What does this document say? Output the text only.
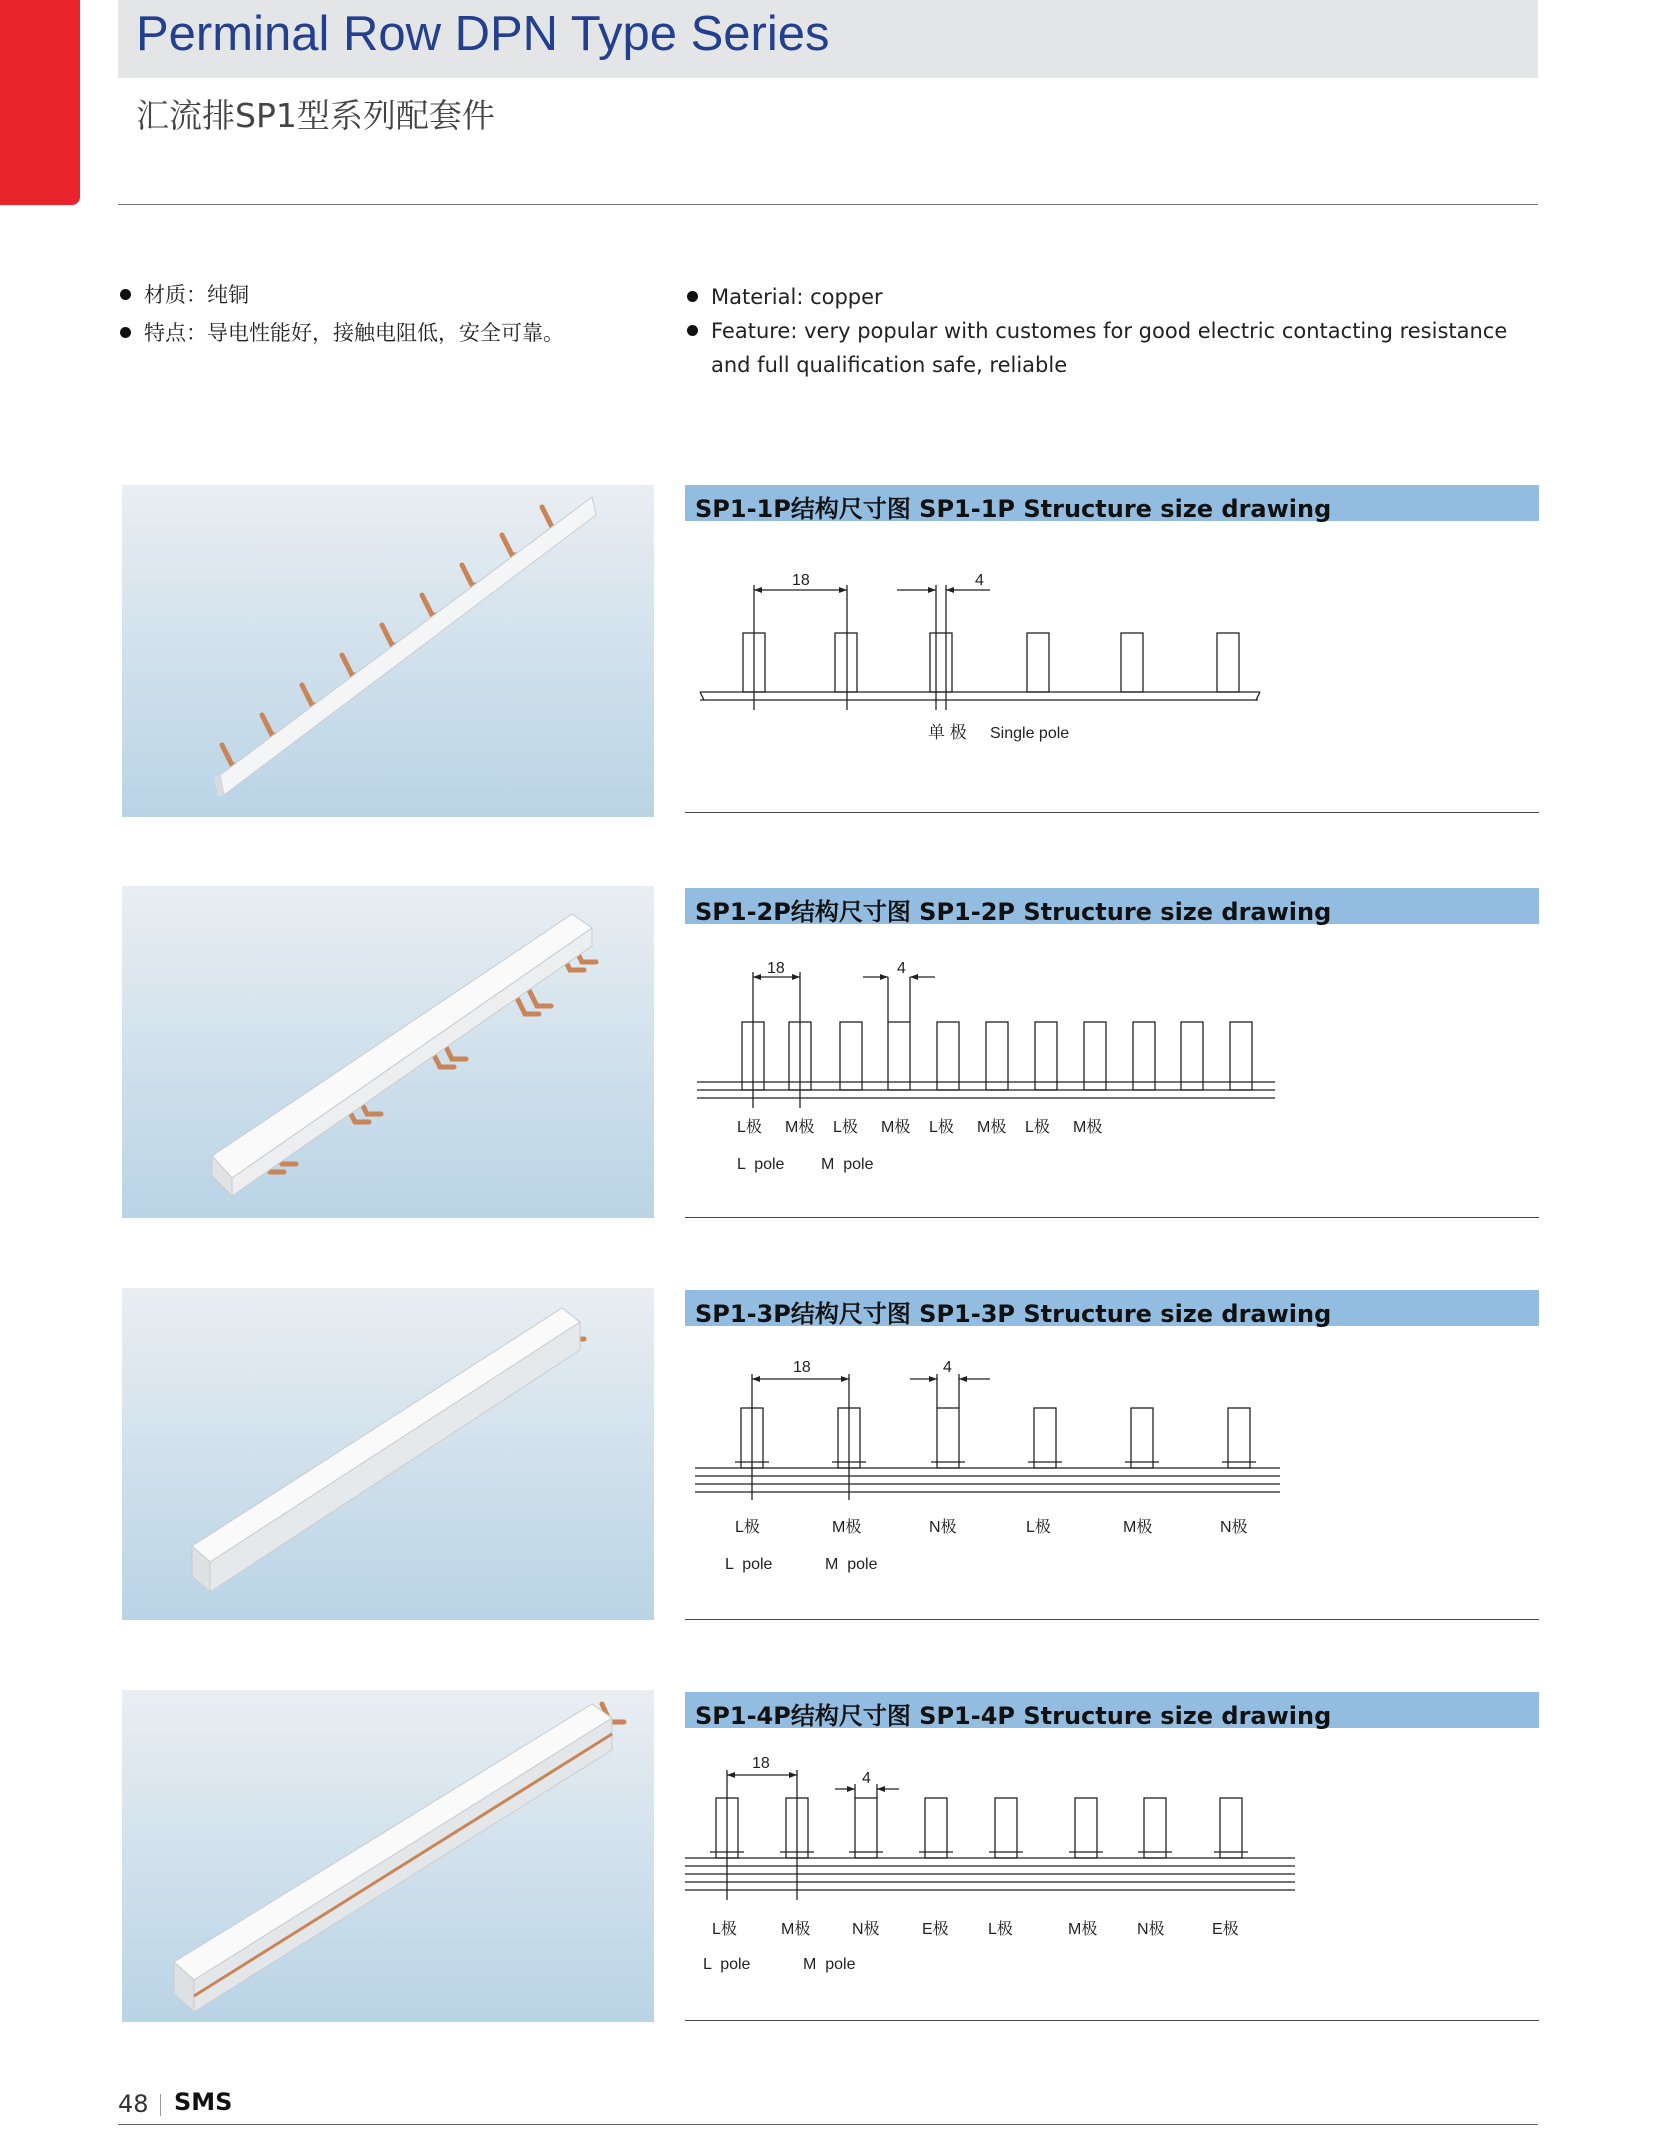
Perminal Row DPN Type Series
汇流排SP1型系列配套件
材质：纯铜
特点：导电性能好，接触电阻低，安全可靠。
Material: copper
Feature: very popular with customes for good electric contacting resistance and full qualification safe, reliable
SP1-1P结构尺寸图 SP1-1P Structure size drawing
18	4
单 极 Single pole
SP1-2P结构尺寸图 SP1-2P Structure size drawing
18	4
L极 M极 L极 M极 L极 M极 L极 M极
L  pole M  pole
SP1-3P结构尺寸图 SP1-3P Structure size drawing
18	4
L极	M极	N极	L极	M极	N极
L  pole	M  pole
SP1-4P结构尺寸图 SP1-4P Structure size drawing
18
4
L极	M极	N极	E极 L极	M极 N极	E极
L  pole	M  pole
48 SMS
